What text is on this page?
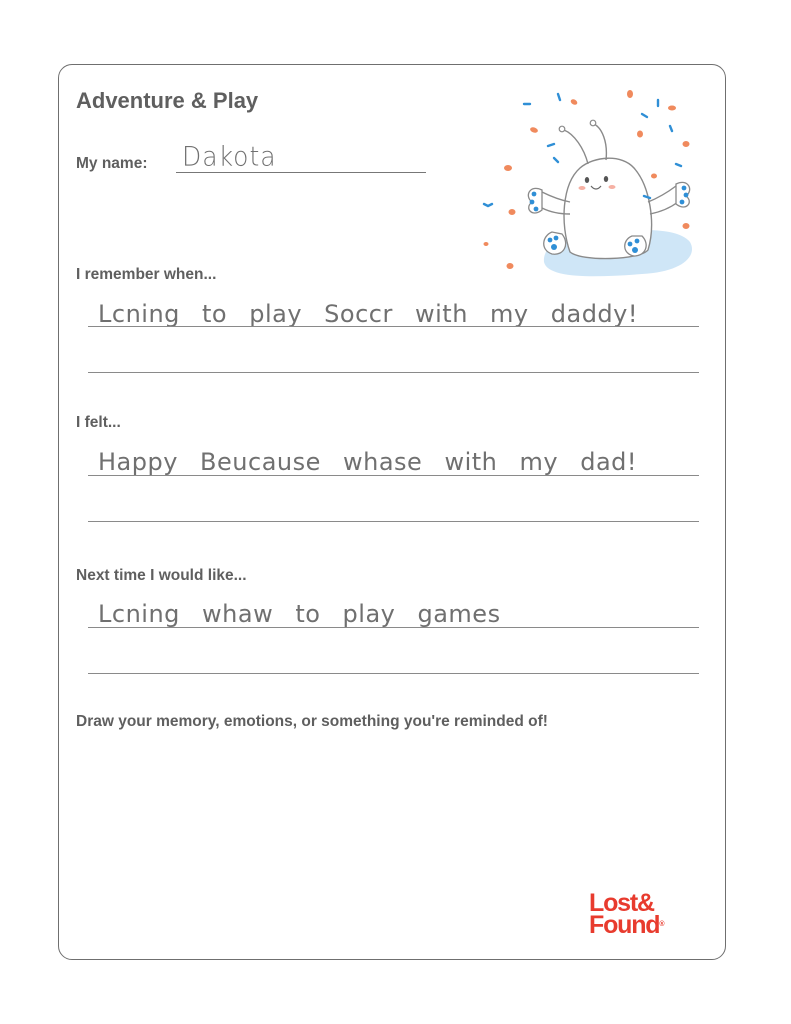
Adventure & Play
My name: Dakota
I remember when...
Lcning to play Soccr with my daddy!
I felt...
Happy Beucause whase with my dad!
Next time I would like...
Lcning whaw to play games
Draw your memory, emotions, or something you're reminded of!
Lost&
Found®
